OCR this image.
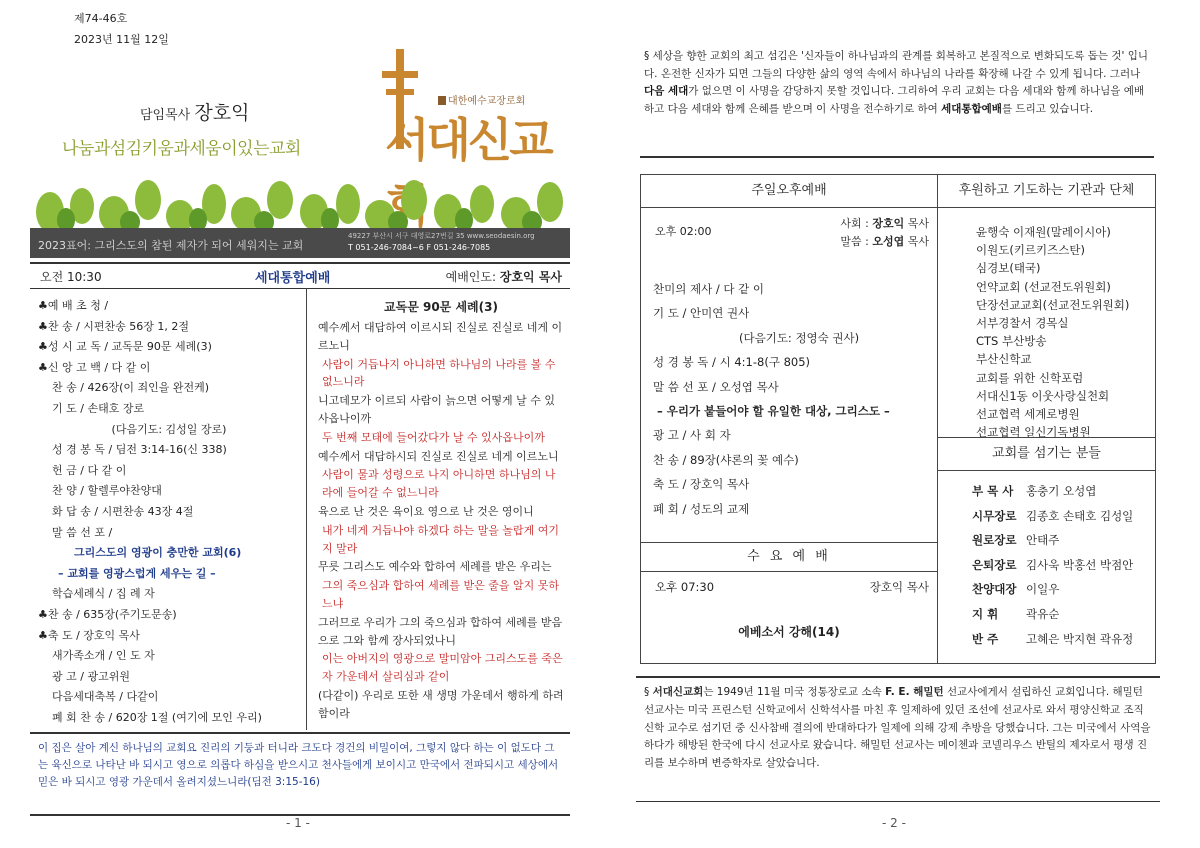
제74-46호
2023년 11월 12일
담임목사 장호익
나눔과섬김키움과세움이있는교회
대한예수교장로회
서대신교
2023표어: 그리스도의 참된 제자가 되어 세워지는 교회
49227 부산시 서구 대영로27번길 35 www.seodaesin.org
T 051-246-7084~6 F 051-246-7085
오전 10:30	세대통합예배	예배인도: 장호익 목사
♣예 배 초 청 /
♣찬 송 / 시편찬송 56장 1, 2절
♣성 시 교 독 / 교독문 90문 세례(3)
♣신 앙 고 백 / 다 같 이
찬 송 / 426장(이 죄인을 완전케)
기 도 / 손태호 장로
(다음기도: 김성일 장로)
성 경 봉 독 / 딤전 3:14-16(신 338)
헌 금 / 다 같 이
찬 양 / 할렐루야찬양대
화 답 송 / 시편찬송 43장 4절
말 씀 선 포 /
그리스도의 영광이 충만한 교회(6)
– 교회를 영광스럽게 세우는 길 –
학습세례식 / 집 례 자
♣찬 송 / 635장(주기도문송)
♣축 도 / 장호익 목사
새가족소개 / 인 도 자
광 고 / 광고위원
다음세대축복 / 다같이
폐 회 찬 송 / 620장 1절 (여기에 모인 우리)
교독문 90문 세례(3)

예수께서 대답하여 이르시되 진실로 진실로 네게 이르노니

사람이 거듭나지 아니하면 하나님의 나라를 볼 수 없느니라

니고데모가 이르되 사람이 늙으면 어떻게 날 수 있사옵나이까

두 번째 모태에 들어갔다가 날 수 있사옵나이까

예수께서 대답하시되 진실로 진실로 네게 이르노니

사람이 물과 성령으로 나지 아니하면 하나님의 나라에 들어갈 수 없느니라

육으로 난 것은 육이요 영으로 난 것은 영이니

내가 네게 거듭나야 하겠다 하는 말을 놀랍게 여기지 말라

무릇 그리스도 예수와 합하여 세례를 받은 우리는

그의 죽으심과 합하여 세례를 받은 줄을 알지 못하느냐

그러므로 우리가 그의 죽으심과 합하여 세례를 받음으로 그와 함께 장사되었나니

이는 아버지의 영광으로 말미암아 그리스도를 죽은 자 가운데서 살리심과 같이

(다같이) 우리로 또한 새 생명 가운데서 행하게 하려 함이라

이 집은 살아 계신 하나님의 교회요 진리의 기둥과 터니라 크도다 경건의 비밀이여, 그렇지 않다 하는 이 없도다 그는 육신으로 나타난 바 되시고 영으로 의롭다 하심을 받으시고 천사들에게 보이시고 만국에서 전파되시고 세상에서 믿은 바 되시고 영광 가운데서 올려지셨느니라(딤전 3:15-16)
- 1 -
§ 세상을 향한 교회의 최고 섬김은 '신자들이 하나님과의 관계를 회복하고 본질적으로 변화되도록 돕는 것' 입니다. 온전한 신자가 되면 그들의 다양한 삶의 영역 속에서 하나님의 나라를 확장해 나갈 수 있게 됩니다. 그러나 다음 세대가 없으면 이 사명을 감당하지 못할 것입니다. 그리하여 우리 교회는 다음 세대와 함께 하나님을 예배하고 다음 세대와 함께 은혜를 받으며 이 사명을 전수하기로 하여 세대통합예배를 드리고 있습니다.
주일오후예배
오후 02:00
사회 : 장호익 목사
말씀 : 오성엽 목사
찬미의 제사 / 다 같 이
기 도 / 안미연 권사
(다음기도: 정영숙 권사)
성 경 봉 독 / 시 4:1-8(구 805)
말 씀 선 포 / 오성엽 목사
– 우리가 붙들어야 할 유일한 대상, 그리스도 –
광 고 / 사 회 자
찬 송 / 89장(샤론의 꽃 예수)
축 도 / 장호익 목사
폐 회 / 성도의 교제
수 요 예 배
오후 07:30	장호익 목사
에베소서 강해(14)
후원하고 기도하는 기관과 단체
윤행숙 이재원(말레이시아)
이원도(키르키즈스탄)
심경보(태국)
언약교회 (선교전도위원회)
단장선교교회(선교전도위원회)
서부경찰서 경목실
CTS 부산방송
부산신학교
교회를 위한 신학포럼
서대신1동 이웃사랑실천회
선교협력 세계로병원
선교협력 일신기독병원
교회를 섬기는 분들
부 목 사 홍충기 오성엽
시무장로 김종호 손태호 김성일
원로장로 안태주
은퇴장로 김사욱 박홍선 박점안
찬양대장 이일우
지 휘 곽유순
반 주 고혜은 박지현 곽유정
§ 서대신교회는 1949년 11월 미국 정통장로교 소속 F. E. 해밀턴 선교사에게서 설립하신 교회입니다. 해밀턴 선교사는 미국 프린스턴 신학교에서 신학석사를 마친 후 일제하에 있던 조선에 선교사로 와서 평양신학교 조직신학 교수로 섬기던 중 신사참배 결의에 반대하다가 일제에 의해 강제 추방을 당했습니다. 그는 미국에서 사역을 하다가 해방된 한국에 다시 선교사로 왔습니다. 해밀턴 선교사는 메이첸과 코넬리우스 반틸의 제자로서 평생 진리를 보수하며 변증학자로 살았습니다.
- 2 -
